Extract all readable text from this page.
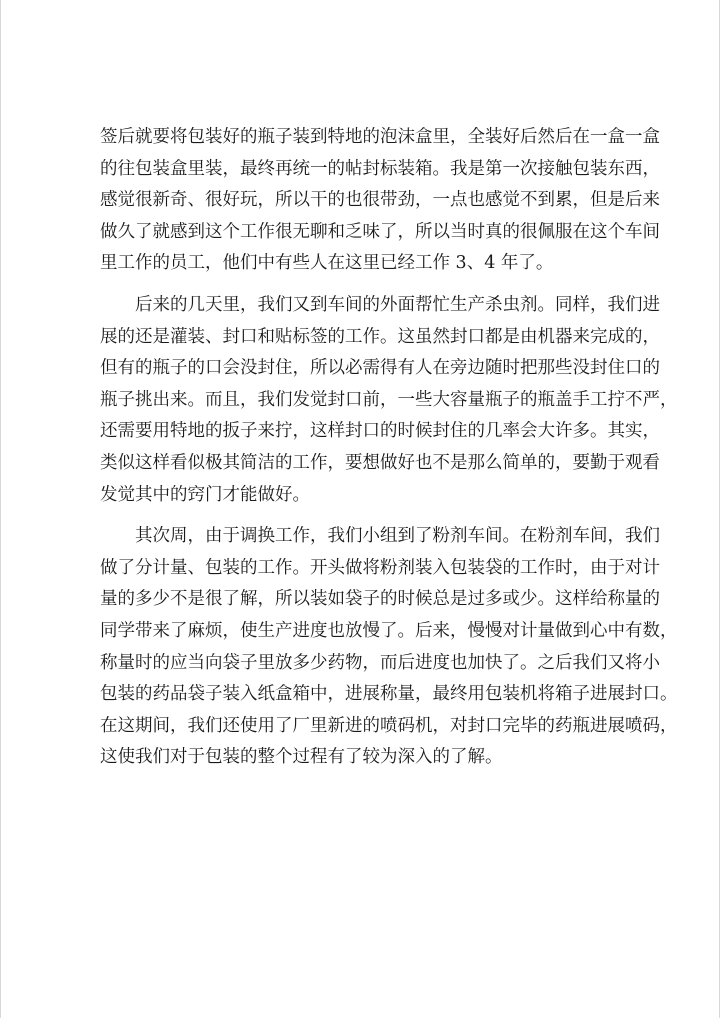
签后就要将包装好的瓶子装到特地的泡沫盒里，全装好后然后在一盒一盒
的往包装盒里装，最终再统一的帖封标装箱。我是第一次接触包装东西，
感觉很新奇、很好玩，所以干的也很带劲，一点也感觉不到累，但是后来
做久了就感到这个工作很无聊和乏味了，所以当时真的很佩服在这个车间
里工作的员工，他们中有些人在这里已经工作 3、4 年了。
后来的几天里，我们又到车间的外面帮忙生产杀虫剂。同样，我们进
展的还是灌装、封口和贴标签的工作。这虽然封口都是由机器来完成的，
但有的瓶子的口会没封住，所以必需得有人在旁边随时把那些没封住口的
瓶子挑出来。而且，我们发觉封口前，一些大容量瓶子的瓶盖手工拧不严，
还需要用特地的扳子来拧，这样封口的时候封住的几率会大许多。其实，
类似这样看似极其简洁的工作，要想做好也不是那么简单的，要勤于观看
发觉其中的窍门才能做好。
其次周，由于调换工作，我们小组到了粉剂车间。在粉剂车间，我们
做了分计量、包装的工作。开头做将粉剂装入包装袋的工作时，由于对计
量的多少不是很了解，所以装如袋子的时候总是过多或少。这样给称量的
同学带来了麻烦，使生产进度也放慢了。后来，慢慢对计量做到心中有数，
称量时的应当向袋子里放多少药物，而后进度也加快了。之后我们又将小
包装的药品袋子装入纸盒箱中，进展称量，最终用包装机将箱子进展封口。
在这期间，我们还使用了厂里新进的喷码机，对封口完毕的药瓶进展喷码，
这使我们对于包装的整个过程有了较为深入的了解。
